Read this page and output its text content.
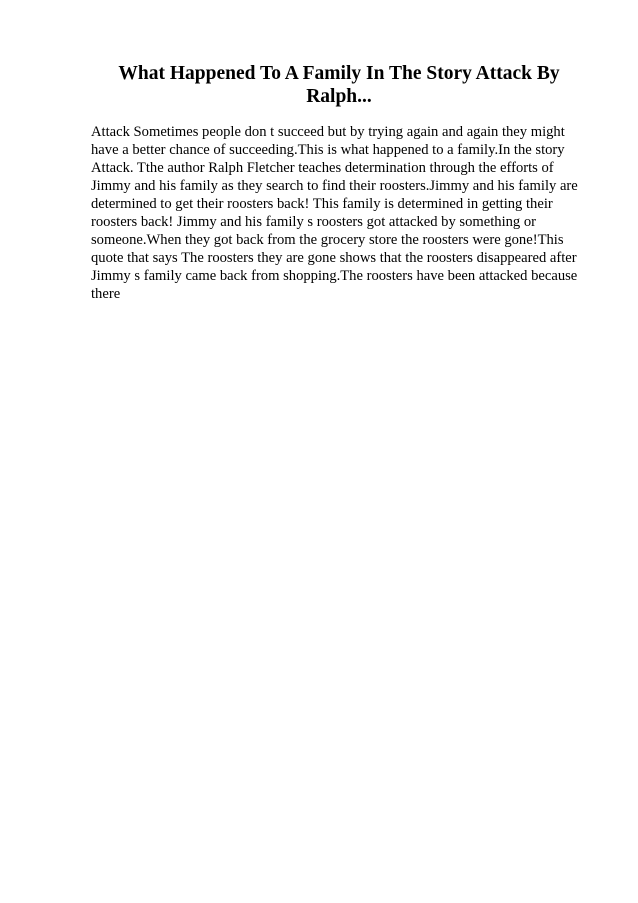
What Happened To A Family In The Story Attack By Ralph...

Attack Sometimes people don t succeed but by trying again and again they might
have a better chance of succeeding.This is what happened to a family.In the story
Attack. Tthe author Ralph Fletcher teaches determination through the efforts of
Jimmy and his family as they search to find their roosters.Jimmy and his family are
determined to get their roosters back! This family is determined in getting their
roosters back! Jimmy and his family s roosters got attacked by something or
someone.When they got back from the grocery store the roosters were gone!This
quote that says The roosters they are gone shows that the roosters disappeared after
Jimmy s family came back from shopping.The roosters have been attacked because
there
